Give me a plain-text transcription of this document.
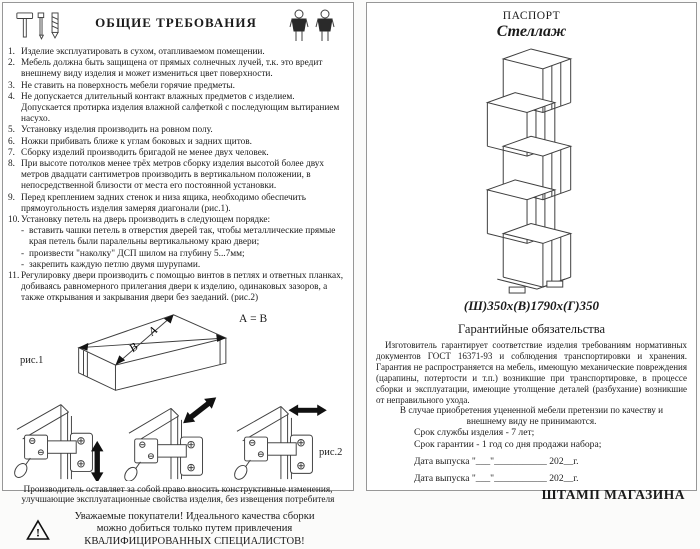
ОБЩИЕ ТРЕБОВАНИЯ
1. Изделие эксплуатировать в сухом, отапливаемом помещении.
2. Мебель должна быть защищена от прямых солнечных лучей, т.к. это вредит внешнему виду изделия и может измениться цвет поверхности.
3. Не ставить на поверхность мебели горячие предметы.
4. Не допускается длительный контакт влажных предметов с изделием.
Допускается протирка изделия влажной салфеткой с последующим вытиранием насухо.
5. Установку изделия производить на ровном полу.
6. Ножки прибивать ближе к углам боковых и задних щитов.
7. Сборку изделий производить бригадой не менее двух человек.
8. При высоте потолков менее трёх метров сборку изделия высотой более двух метров двадцати сантиметров производить в вертикальном положении, в непосредственной близости от места его постоянной установки.
9. Перед креплением задних стенок и низа ящика, необходимо обеспечить прямоугольность изделия замеряя диагонали (рис.1).
10. Установку петель на дверь производить в следующем порядке:
- вставить чашки петель в отверстия дверей так, чтобы металлические прямые края петель были паралельны вертикальному краю двери;
- произвести "наколку" ДСП шилом на глубину 5...7мм;
- закрепить каждую петлю двумя шурупами.
11. Регулировку двери производить с помощью винтов в петлях и ответных планках, добиваясь равномерного прилегания двери к изделию, одинаковых зазоров, а также открывания и закрывания двери без заеданий. (рис.2)
А
В
рис.1
А = В
рис.2
Производитель оставляет за собой право вносить конструктивные изменения, улучшающие эксплуатационные свойства изделия, без извещения потребителя
!
Уважаемые покупатели! Идеального качества сборки можно добиться только путем привлечения КВАЛИФИЦИРОВАННЫХ СПЕЦИАЛИСТОВ!
ПАСПОРТ
Стеллаж
(Ш)350х(В)1790х(Г)350
Гарантийные обязательства
Изготовитель гарантирует соответствие изделия требованиям нормативных документов ГОСТ 16371-93 и соблюдения транспортировки и хранения. Гарантия не распространяется на мебель, имеющую механические повреждения (царапины, потертости и т.п.) возникшие при транспортировке, в процессе сборки и эксплуатации, имеющие утолщение деталей (разбухание) возникшие от неправильного ухода.
В случае приобретения уцененной мебели претензии по качеству и внешнему виду не принимаются.
Срок службы изделия - 7 лет;
Срок гарантии - 1 год со дня продажи набора;
Дата выпуска "___"___________ 202__г.
Дата выпуска "___"___________ 202__г.
ШТАМП МАГАЗИНА
